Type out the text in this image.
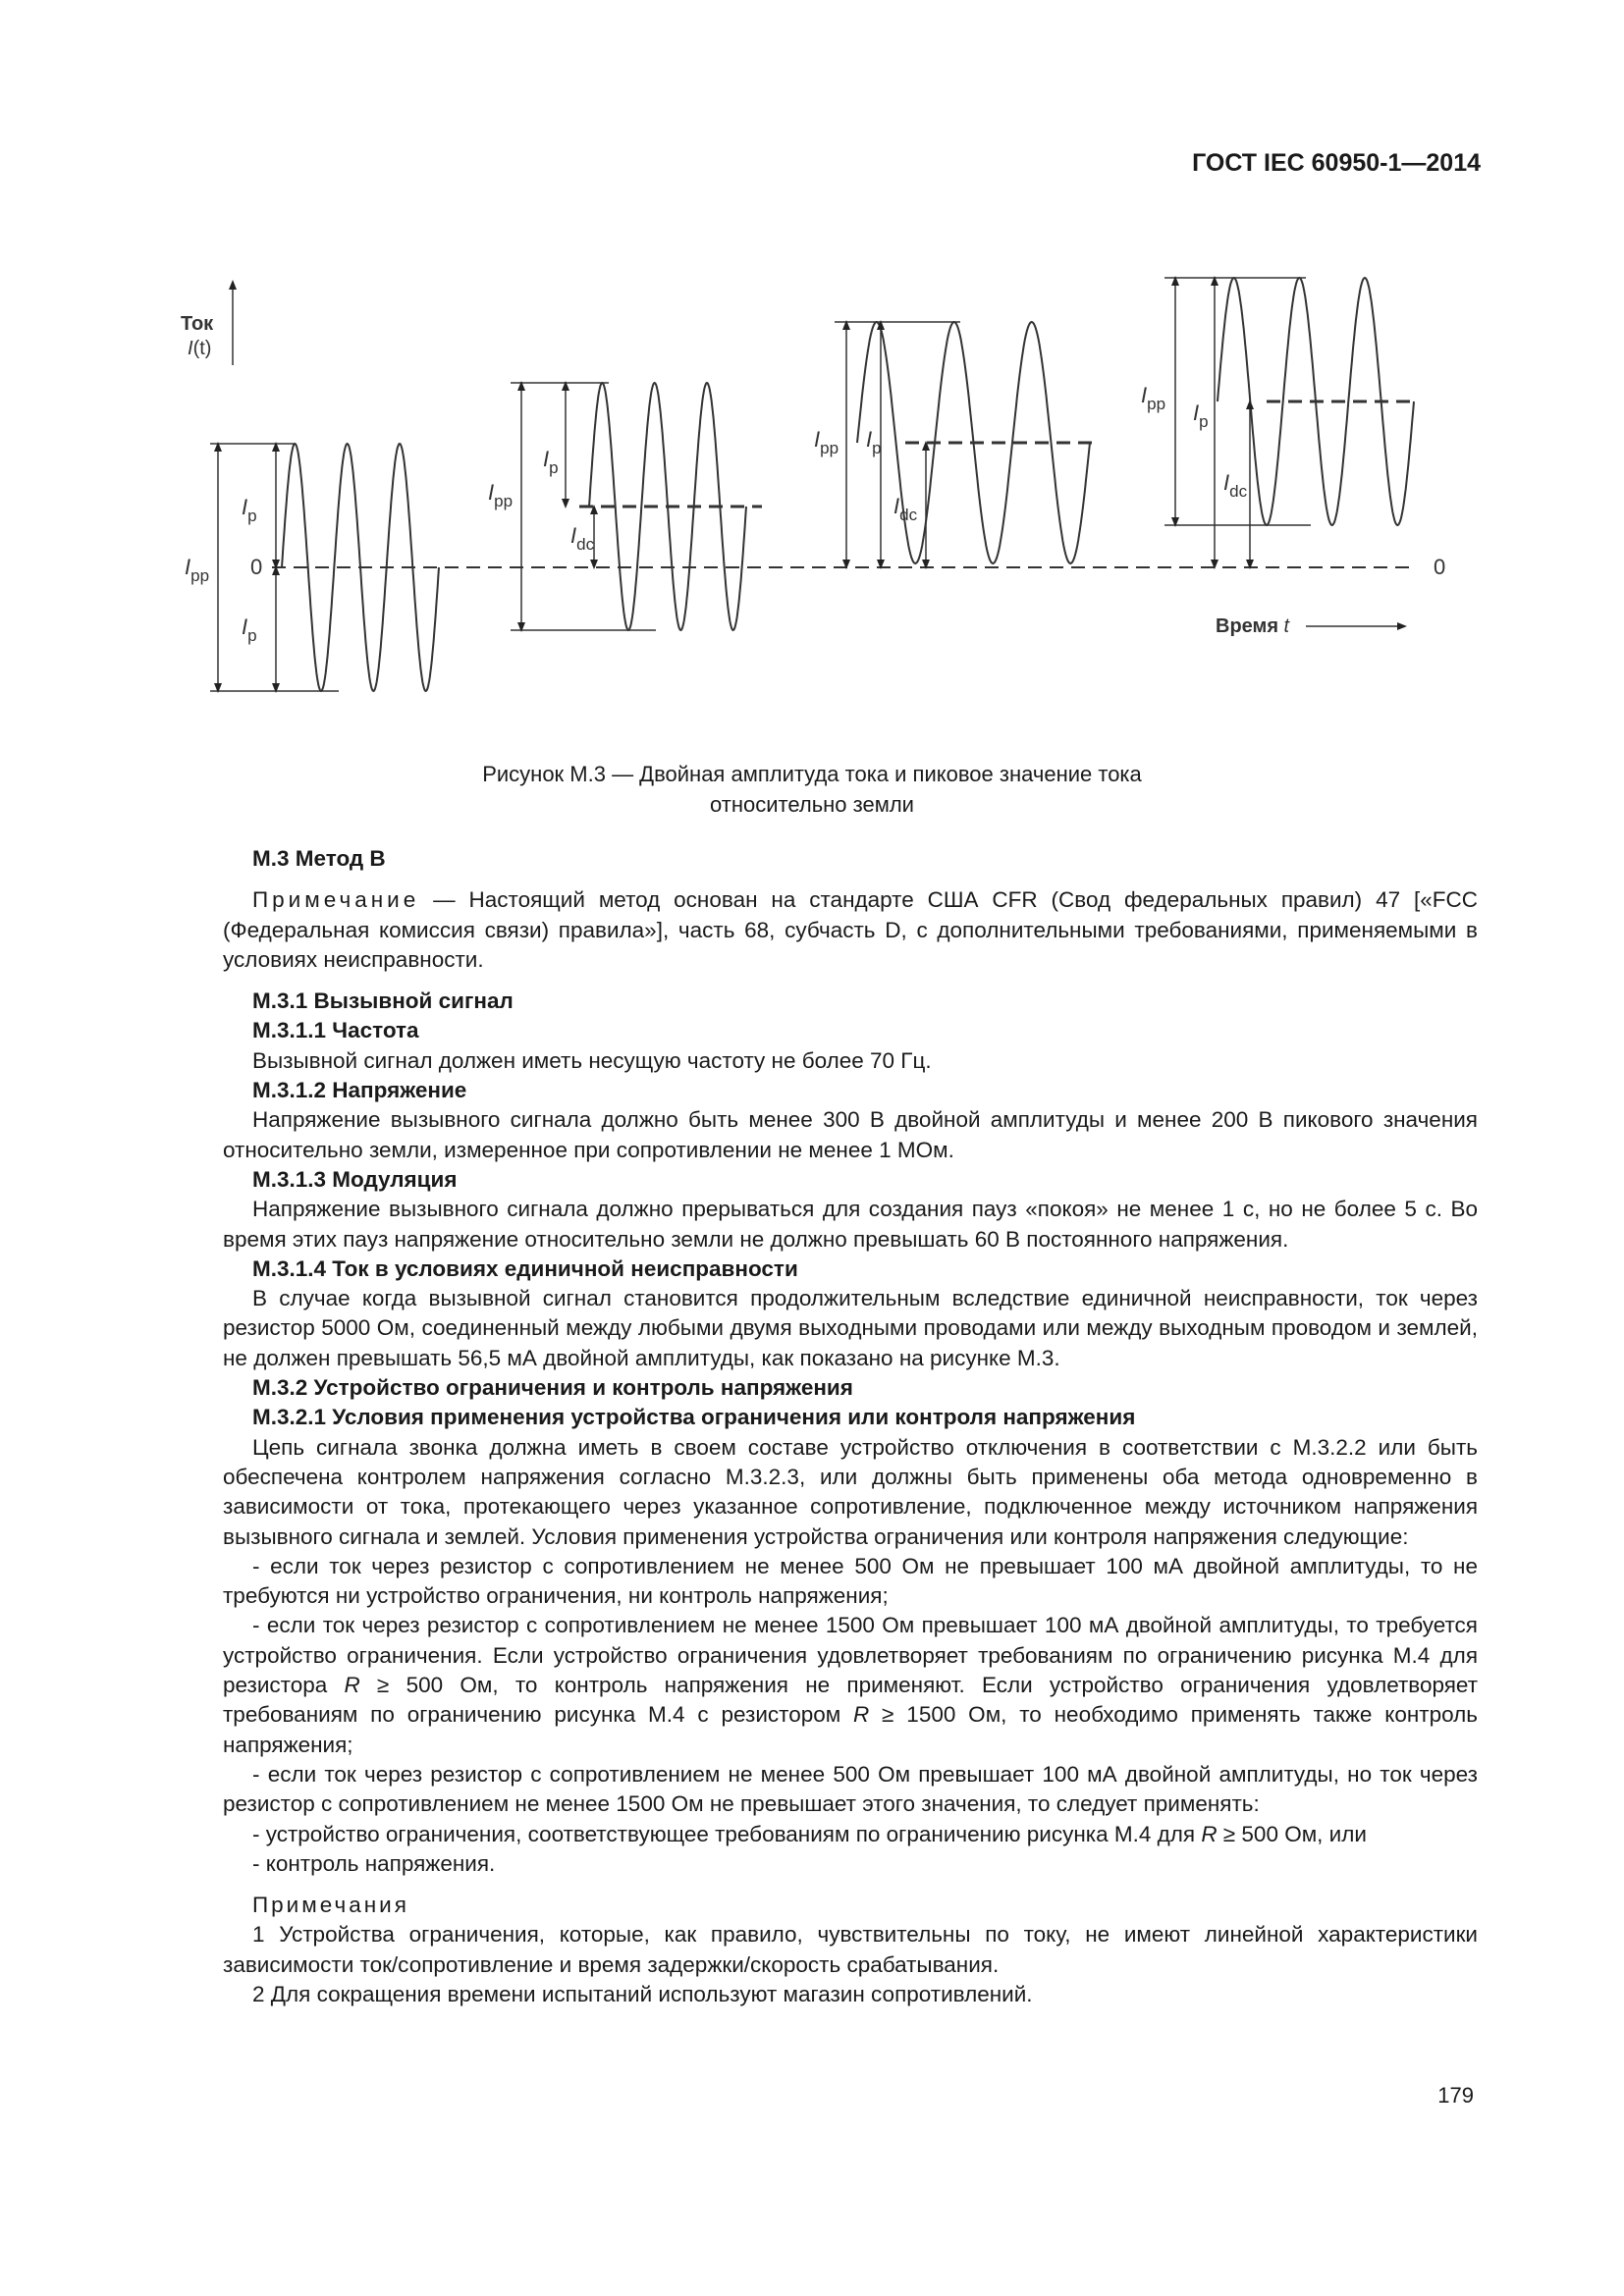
ГОСТ IEC 60950-1—2014
Ток
I(t)
0	0
Время t
$I_{pp}$
$I_p$
$I_p$
$I_{pp}$
$I_p$
$I_{dc}$
$I_{pp}$ $I_p$
$I_{dc}$
$I_{pp}$ $I_p$
$I_{dc}$
Рисунок М.3 — Двойная амплитуда тока и пиковое значение тока
относительно земли

М.3 Метод В

Примечание — Настоящий метод основан на стандарте США CFR (Свод федеральных правил) 47 [«FCC (Федеральная комиссия связи) правила»], часть 68, субчасть D, с дополнительными требованиями, применяемыми в условиях неисправности.

М.3.1 Вызывной сигнал

М.3.1.1 Частота

Вызывной сигнал должен иметь несущую частоту не более 70 Гц.

М.3.1.2 Напряжение

Напряжение вызывного сигнала должно быть менее 300 В двойной амплитуды и менее 200 В пикового значения относительно земли, измеренное при сопротивлении не менее 1 МОм.

М.3.1.3 Модуляция

Напряжение вызывного сигнала должно прерываться для создания пауз «покоя» не менее 1 с, но не более 5 с. Во время этих пауз напряжение относительно земли не должно превышать 60 В постоянного напряжения.

М.3.1.4 Ток в условиях единичной неисправности

В случае когда вызывной сигнал становится продолжительным вследствие единичной неисправности, ток через резистор 5000 Ом, соединенный между любыми двумя выходными проводами или между выходным проводом и землей, не должен превышать 56,5 мА двойной амплитуды, как показано на рисунке М.3.

М.3.2 Устройство ограничения и контроль напряжения

М.3.2.1 Условия применения устройства ограничения или контроля напряжения

Цепь сигнала звонка должна иметь в своем составе устройство отключения в соответствии с М.3.2.2 или быть обеспечена контролем напряжения согласно М.3.2.3, или должны быть применены оба метода одновременно в зависимости от тока, протекающего через указанное сопротивление, подключенное между источником напряжения вызывного сигнала и землей. Условия применения устройства ограничения или контроля напряжения следующие:

- если ток через резистор с сопротивлением не менее 500 Ом не превышает 100 мА двойной амплитуды, то не требуются ни устройство ограничения, ни контроль напряжения;

- если ток через резистор с сопротивлением не менее 1500 Ом превышает 100 мА двойной амплитуды, то требуется устройство ограничения. Если устройство ограничения удовлетворяет требованиям по ограничению рисунка М.4 для резистора R ≥ 500 Ом, то контроль напряжения не применяют. Если устройство ограничения удовлетворяет требованиям по ограничению рисунка М.4 с резистором R ≥ 1500 Ом, то необходимо применять также контроль напряжения;

- если ток через резистор с сопротивлением не менее 500 Ом превышает 100 мА двойной амплитуды, но ток через резистор с сопротивлением не менее 1500 Ом не превышает этого значения, то следует применять:

- устройство ограничения, соответствующее требованиям по ограничению рисунка М.4 для R ≥ 500 Ом, или

- контроль напряжения.

Примечания

1 Устройства ограничения, которые, как правило, чувствительны по току, не имеют линейной характеристики зависимости ток/сопротивление и время задержки/скорость срабатывания.

2 Для сокращения времени испытаний используют магазин сопротивлений.

179
